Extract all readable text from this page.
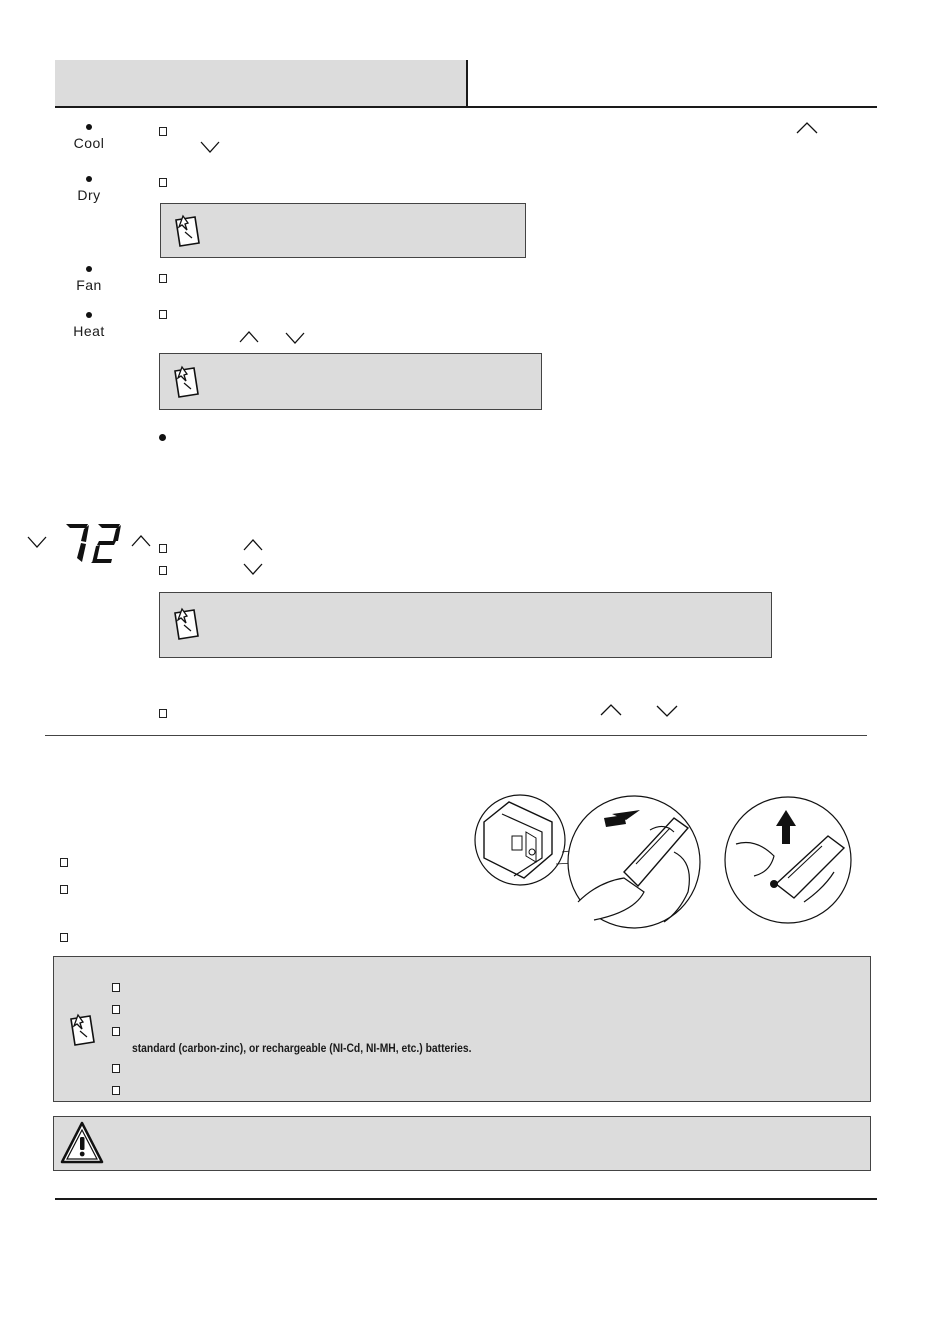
Cool
Dry
Fan
Heat
standard (carbon-zinc), or rechargeable (NI-Cd, NI-MH, etc.) batteries.
